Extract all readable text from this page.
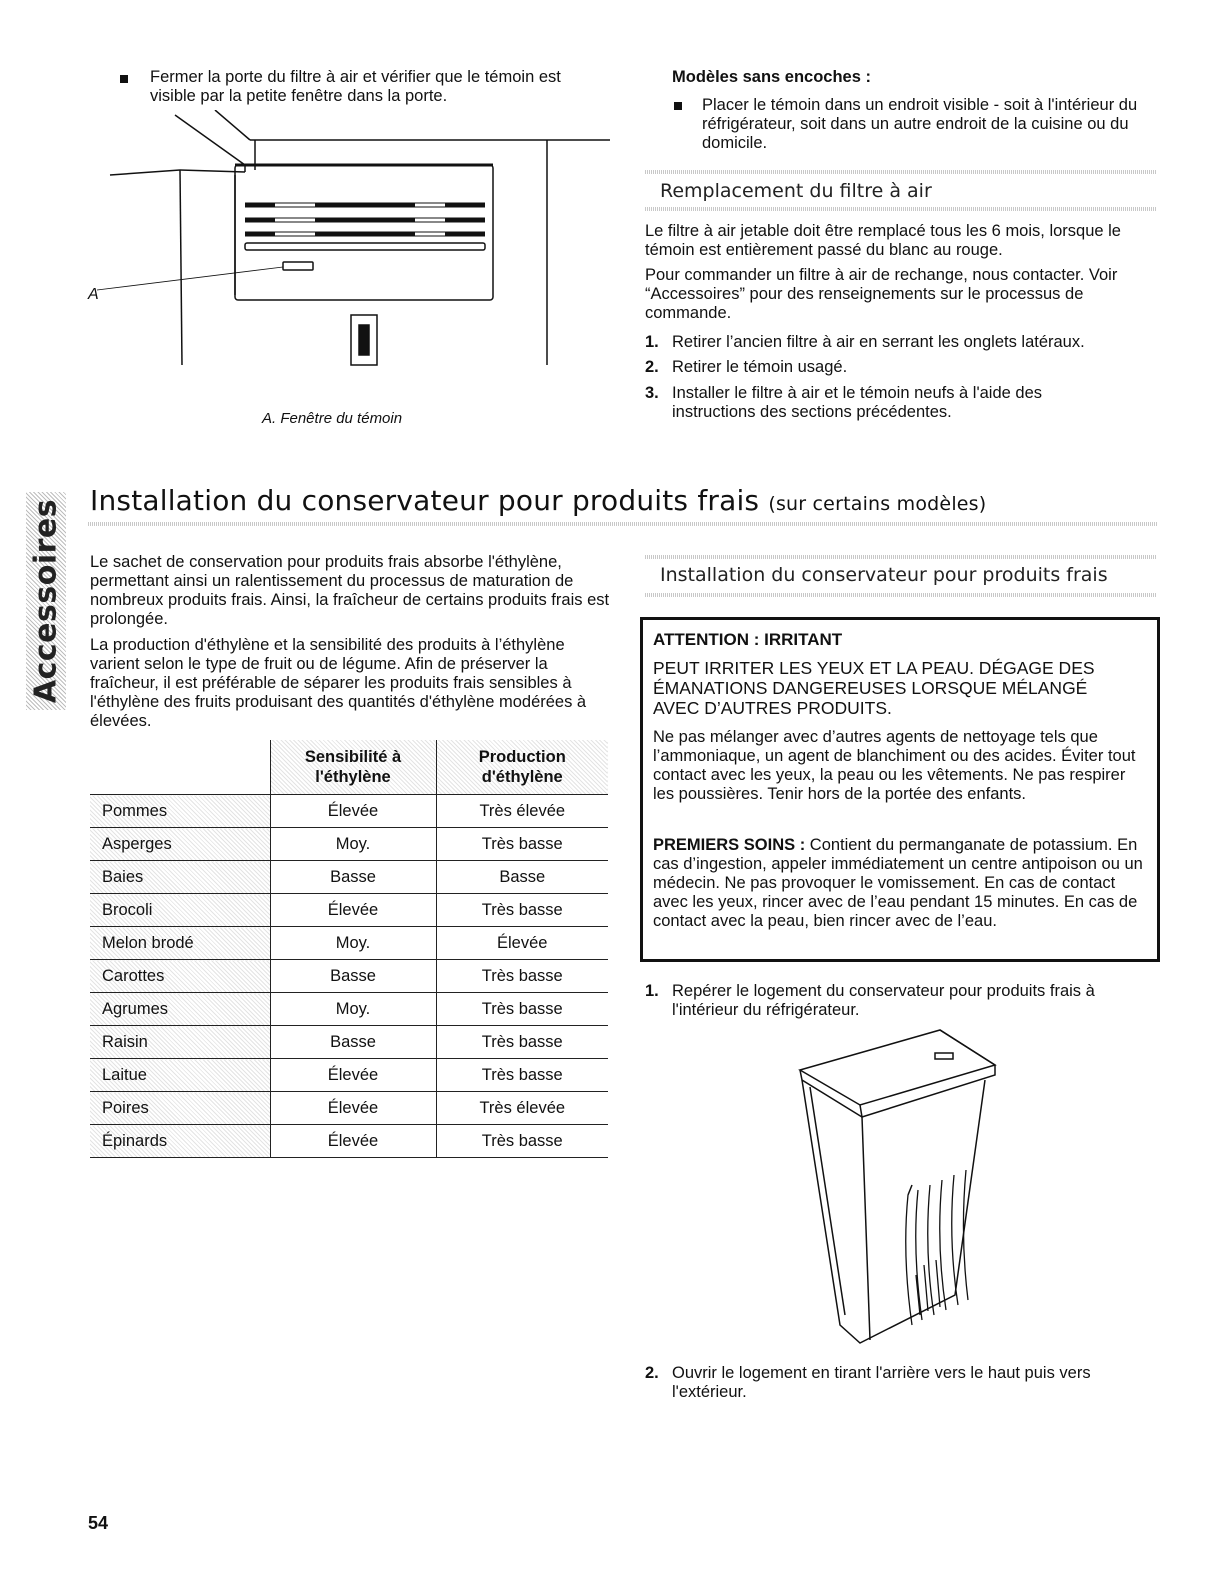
Fermer la porte du filtre à air et vérifier que le témoin est visible par la petite fenêtre dans la porte.
A
A. Fenêtre du témoin
Modèles sans encoches :
Placer le témoin dans un endroit visible - soit à l'intérieur du réfrigérateur, soit dans un autre endroit de la cuisine ou du domicile.
Remplacement du filtre à air
Le filtre à air jetable doit être remplacé tous les 6 mois, lorsque le témoin est entièrement passé du blanc au rouge.
Pour commander un filtre à air de rechange, nous contacter. Voir “Accessoires” pour des renseignements sur le processus de commande.
1. Retirer l’ancien filtre à air en serrant les onglets latéraux.
2. Retirer le témoin usagé.
3. Installer le filtre à air et le témoin neufs à l'aide des instructions des sections précédentes.
Accessoires Installation du conservateur pour produits frais (sur certains modèles)
Le sachet de conservation pour produits frais absorbe l'éthylène, permettant ainsi un ralentissement du processus de maturation de nombreux produits frais. Ainsi, la fraîcheur de certains produits frais est prolongée.
La production d'éthylène et la sensibilité des produits à l’éthylène varient selon le type de fruit ou de légume. Afin de préserver la fraîcheur, il est préférable de séparer les produits frais sensibles à l'éthylène des fruits produisant des quantités d'éthylène modérées à élevées.
	Sensibilité à l'éthylène	Production d'éthylène
Pommes	Élevée	Très élevée
Asperges	Moy.	Très basse
Baies	Basse	Basse
Brocoli	Élevée	Très basse
Melon brodé	Moy.	Élevée
Carottes	Basse	Très basse
Agrumes	Moy.	Très basse
Raisin	Basse	Très basse
Laitue	Élevée	Très basse
Poires	Élevée	Très élevée
Épinards	Élevée	Très basse
Installation du conservateur pour produits frais
ATTENTION : IRRITANT
PEUT IRRITER LES YEUX ET LA PEAU. DÉGAGE DES ÉMANATIONS DANGEREUSES LORSQUE MÉLANGÉ AVEC D’AUTRES PRODUITS.
Ne pas mélanger avec d’autres agents de nettoyage tels que l’ammoniaque, un agent de blanchiment ou des acides. Éviter tout contact avec les yeux, la peau ou les vêtements. Ne pas respirer les poussières. Tenir hors de la portée des enfants.
PREMIERS SOINS : Contient du permanganate de potassium. En cas d’ingestion, appeler immédiatement un centre antipoison ou un médecin. Ne pas provoquer le vomissement. En cas de contact avec les yeux, rincer avec de l’eau pendant 15 minutes. En cas de contact avec la peau, bien rincer avec de l’eau.
1. Repérer le logement du conservateur pour produits frais à l'intérieur du réfrigérateur.
2. Ouvrir le logement en tirant l'arrière vers le haut puis vers l'extérieur.
54
